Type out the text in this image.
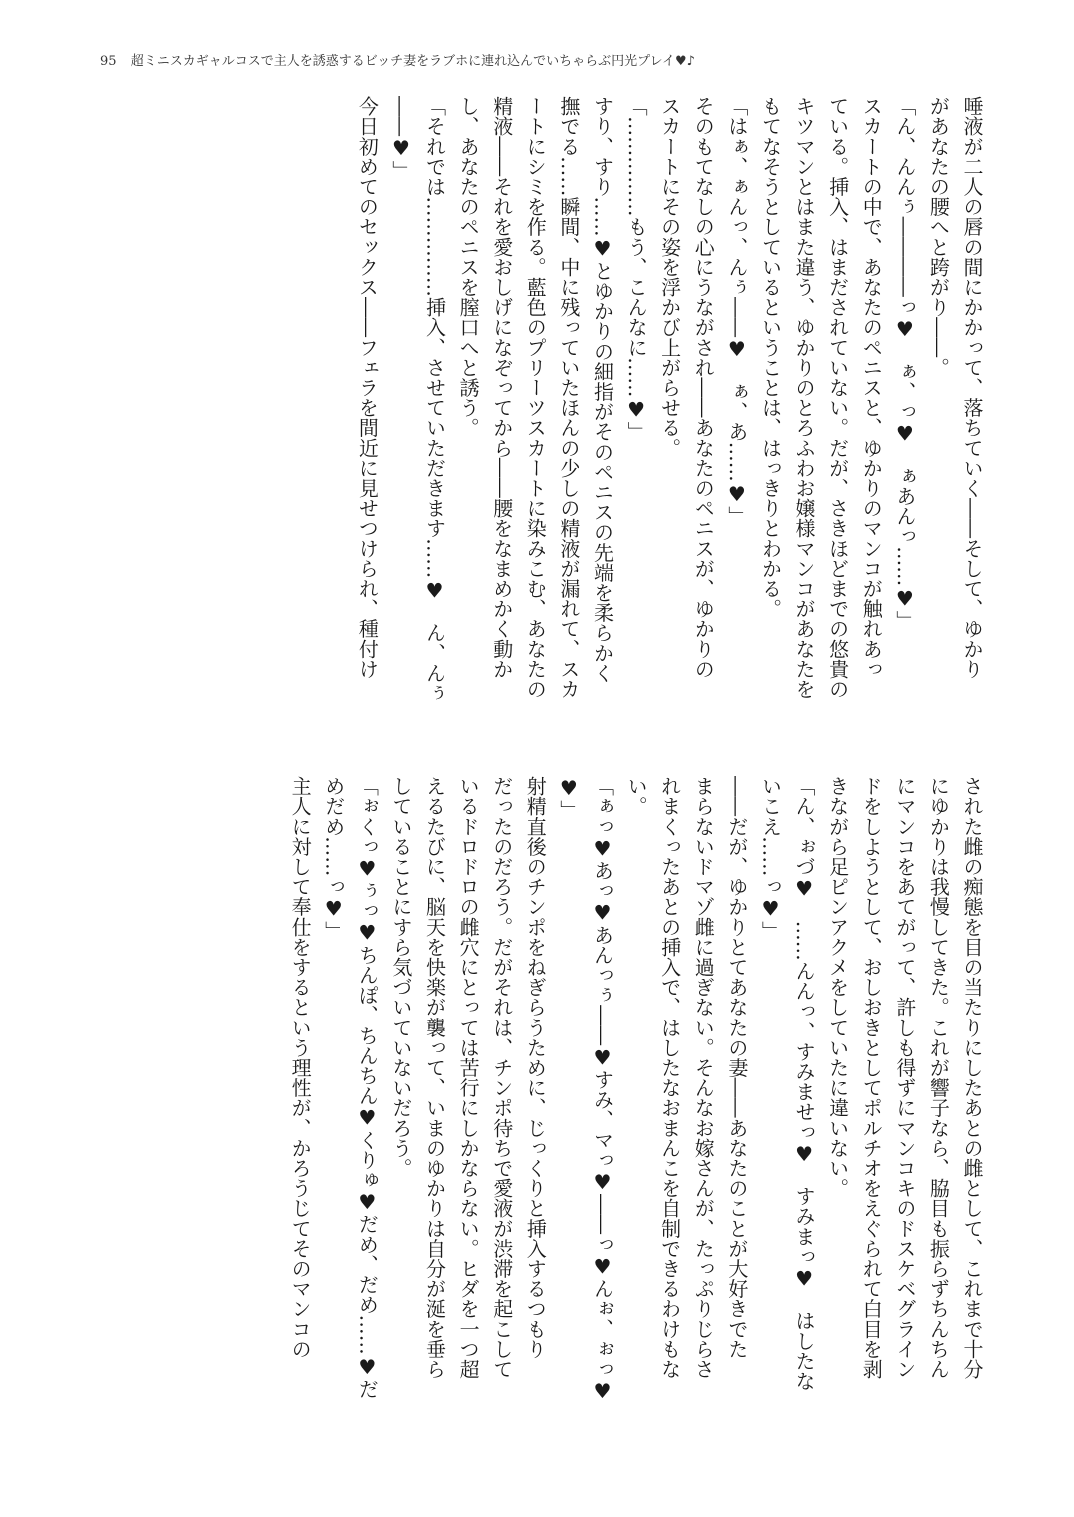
95 超ミニスカギャルコスで主人を誘惑するビッチ妻をラブホに連れ込んでいちゃらぶ円光プレイ♥♪
唾液が二人の唇の間にかかって、落ちていく――そして、ゆかり
があなたの腰へと跨がり――。
「ん、んんぅ――――っ♥　ぁ、っ♥　ぁあんっ……♥」
スカートの中で、あなたのペニスと、ゆかりのマンコが触れあっ
ている。挿入、はまだされていない。だが、さきほどまでの悠貴の
キツマンとはまた違う、ゆかりのとろふわお嬢様マンコがあなたを
もてなそうとしているということは、はっきりとわかる。
「はぁ、ぁんっ、んぅ――♥　ぁ、あ……♥」
そのもてなしの心にうながされ――あなたのペニスが、ゆかりの
スカートにその姿を浮かび上がらせる。
「……………もう、こんなに……♥」
すり、すり……♥とゆかりの細指がそのペニスの先端を柔らかく
撫でる……瞬間、中に残っていたほんの少しの精液が漏れて、スカ
ートにシミを作る。藍色のプリーツスカートに染みこむ、あなたの
精液――それを愛おしげになぞってから――腰をなまめかく動か
し、あなたのペニスを膣口へと誘う。
「それでは……………挿入、させていただきます……♥　ん、んぅ
――♥」
今日初めてのセックス――フェラを間近に見せつけられ、種付け
された雌の痴態を目の当たりにしたあとの雌として、これまで十分
にゆかりは我慢してきた。これが響子なら、脇目も振らずちんちん
にマンコをあてがって、許しも得ずにマンコキのドスケベグライン
ドをしようとして、おしおきとしてポルチオをえぐられて白目を剥
きながら足ピンアクメをしていたに違いない。
「ん、ぉづ♥　……んんっ、すみませっ♥　すみまっ♥　はしたな
いこえ……っ♥」
――だが、ゆかりとてあなたの妻――あなたのことが大好きでた
まらないドマゾ雌に過ぎない。そんなお嫁さんが、たっぷりじらさ
れまくったあとの挿入で、はしたなおまんこを自制できるわけもな
い。
「ぁっ♥あっ♥あんっぅ――♥すみ、マっ♥――っ♥んぉ、ぉっ♥
♥」
射精直後のチンポをねぎらうために、じっくりと挿入するつもり
だったのだろう。だがそれは、チンポ待ちで愛液が渋滞を起こして
いるドロドロの雌穴にとっては苦行にしかならない。ヒダを一つ超
えるたびに、脳天を快楽が襲って、いまのゆかりは自分が涎を垂ら
していることにすら気づいていないだろう。
「ぉくっ♥ぅっ♥ちんぽ、ちんちん♥くりゅ♥だめ、だめ……♥だ
めだめ……っ♥」
主人に対して奉仕をするという理性が、かろうじてそのマンコの
